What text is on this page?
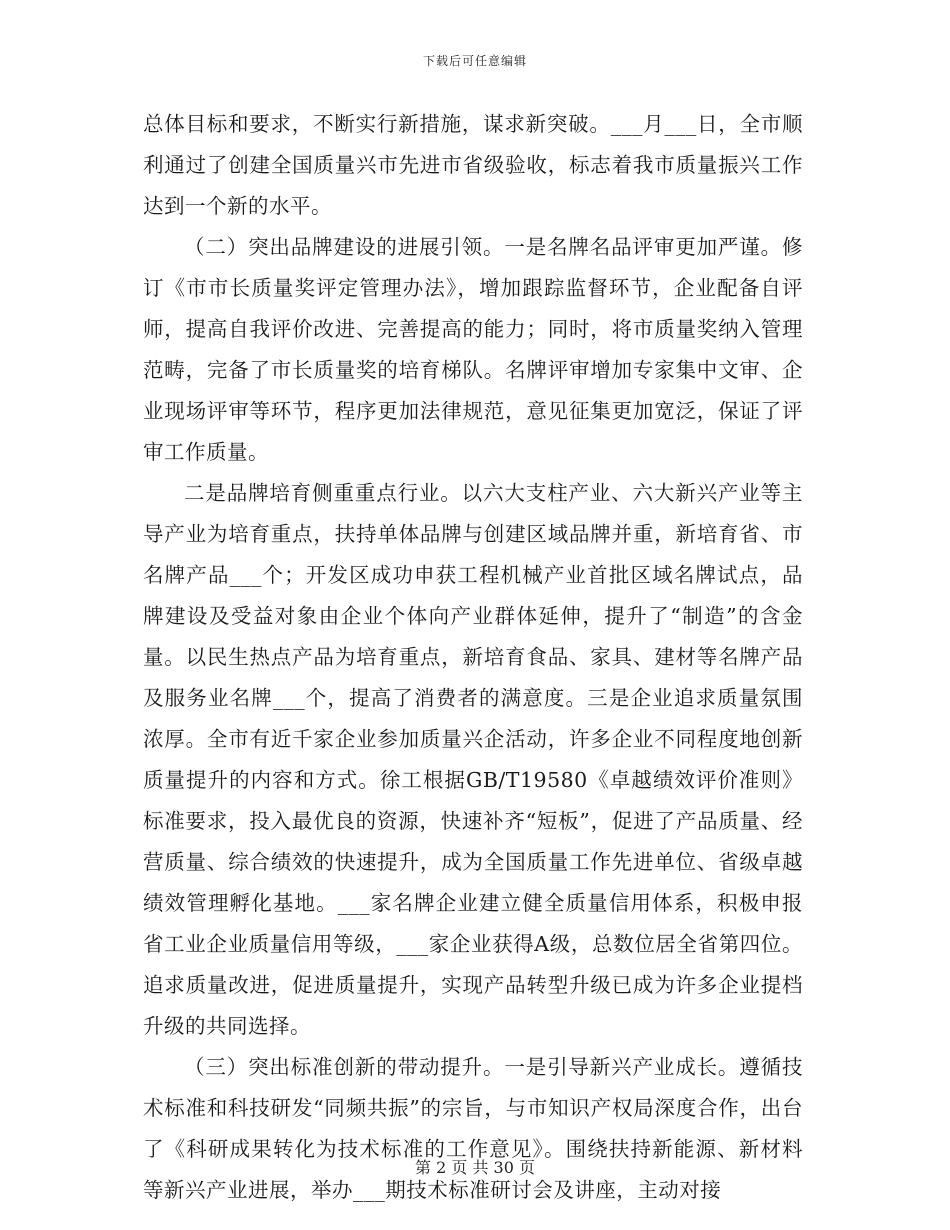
下载后可任意编辑

总体目标和要求，不断实行新措施，谋求新突破。___月___日，全市顺利通过了创建全国质量兴市先进市省级验收，标志着我市质量振兴工作达到一个新的水平。

（二）突出品牌建设的进展引领。一是名牌名品评审更加严谨。修订《市市长质量奖评定管理办法》，增加跟踪监督环节，企业配备自评师，提高自我评价改进、完善提高的能力；同时，将市质量奖纳入管理范畴，完备了市长质量奖的培育梯队。名牌评审增加专家集中文审、企业现场评审等环节，程序更加法律规范，意见征集更加宽泛，保证了评审工作质量。

二是品牌培育侧重重点行业。以六大支柱产业、六大新兴产业等主导产业为培育重点，扶持单体品牌与创建区域品牌并重，新培育省、市名牌产品___个；开发区成功申获工程机械产业首批区域名牌试点，品牌建设及受益对象由企业个体向产业群体延伸，提升了“制造”的含金量。以民生热点产品为培育重点，新培育食品、家具、建材等名牌产品及服务业名牌___个，提高了消费者的满意度。三是企业追求质量氛围浓厚。全市有近千家企业参加质量兴企活动，许多企业不同程度地创新质量提升的内容和方式。徐工根据GB/T19580《卓越绩效评价准则》标准要求，投入最优良的资源，快速补齐“短板”，促进了产品质量、经营质量、综合绩效的快速提升，成为全国质量工作先进单位、省级卓越绩效管理孵化基地。___家名牌企业建立健全质量信用体系，积极申报省工业企业质量信用等级，___家企业获得A级，总数位居全省第四位。追求质量改进，促进质量提升，实现产品转型升级已成为许多企业提档升级的共同选择。

（三）突出标准创新的带动提升。一是引导新兴产业成长。遵循技术标准和科技研发“同频共振”的宗旨，与市知识产权局深度合作，出台了《科研成果转化为技术标准的工作意见》。围绕扶持新能源、新材料等新兴产业进展，举办___期技术标准研讨会及讲座，主动对接

第 2 页 共 30 页
